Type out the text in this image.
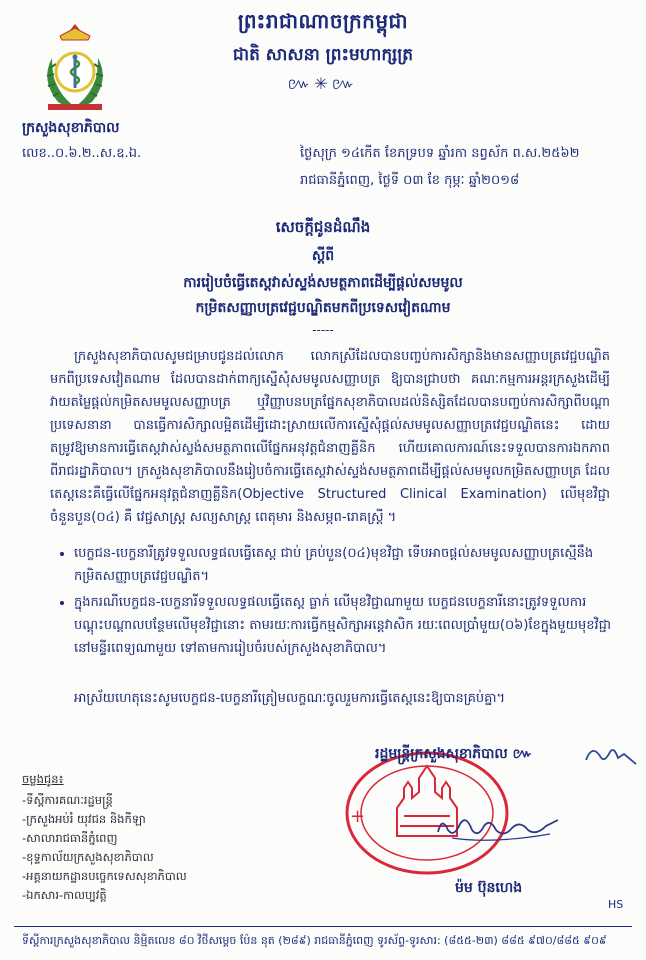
ព្រះរាជាណាចក្រកម្ពុជា
ជាតិ សាសនា ព្រះមហាក្សត្រ
៚✳៚
ក្រសួងសុខាភិបាល
លេខ..០.៦.២..ស.ឧ.ឯ.	ថ្ងៃសុក្រ ១៤កើត ខែភទ្របទ ឆ្នាំរកា នព្វស័ក ព.ស.២៥៦២
រាជធានីភ្នំពេញ, ថ្ងៃទី ០៣ ខែ កុម្ភៈ ឆ្នាំ២០១៨
សេចក្តីជូនដំណឹង
ស្តីពី
ការរៀបចំធ្វើតេស្តវាស់ស្ទង់សមត្ថភាពដើម្បីផ្តល់សមមូល
កម្រិតសញ្ញាបត្រវេជ្ជបណ្ឌិតមកពីប្រទេសវៀតណាម
-----

ក្រសួងសុខាភិបាលសូមជម្រាបជូនដល់លោក លោកស្រីដែលបានបញ្ចប់ការសិក្សានិងមានសញ្ញាបត្រវេជ្ជបណ្ឌិតមកពីប្រទេសវៀតណាម ដែលបានដាក់ពាក្យស្នើសុំសមមូលសញ្ញាបត្រ ឱ្យបានជ្រាបថា គណៈកម្មការអន្តរក្រសួងដើម្បីវាយតម្លៃផ្តល់កម្រិតសមមូលសញ្ញាបត្រ ឬវិញ្ញាបនបត្រផ្នែកសុខាភិបាលដល់និស្សិតដែលបានបញ្ចប់ការសិក្សាពីបណ្តាប្រទេសនានា បានធ្វើការសិក្សាលម្អិតដើម្បីដោះស្រាយលើការស្នើសុំផ្តល់សមមូលសញ្ញាបត្រវេជ្ជបណ្ឌិតនេះ ដោយតម្រូវឱ្យមានការធ្វើតេស្តវាស់ស្ទង់សមត្ថភាពលើផ្នែកអនុវត្តជំនាញគ្លីនិក ហើយគោលការណ៍នេះទទួលបានការឯកភាពពីរាជរដ្ឋាភិបាល។ ក្រសួងសុខាភិបាលនឹងរៀបចំការធ្វើតេស្តវាស់ស្ទង់សមត្ថភាពដើម្បីផ្តល់សមមូលកម្រិតសញ្ញាបត្រ ដែលតេស្តនេះគឺធ្វើលើផ្នែកអនុវត្តជំនាញគ្លីនិក(Objective Structured Clinical Examination) លើមុខវិជ្ជាចំនួនបួន(០៤) គឺ វេជ្ជសាស្ត្រ សល្យសាស្ត្រ ពេតុមារ និងសម្ភព-រោគស្ត្រី ។

• បេក្ខជន-បេក្ខនារីត្រូវទទួលលទ្ធផលធ្វើតេស្ត ជាប់ គ្រប់បួន(០៤)មុខវិជ្ជា ទើបអាចផ្តល់សមមូលសញ្ញាបត្រស្មើនឹងកម្រិតសញ្ញាបត្រវេជ្ជបណ្ឌិត។
• ក្នុងករណីបេក្ខជន-បេក្ខនារីទទួលលទ្ធផលធ្វើតេស្ត ធ្លាក់ លើមុខវិជ្ជាណាមួយ បេក្ខជនបេក្ខនារីនោះត្រូវទទួលការបណ្តុះបណ្តាលបន្ថែមលើមុខវិជ្ជានោះ តាមរយៈការធ្វើកម្មសិក្សាអន្តេវាសិក រយៈពេលប្រាំមួយ(០៦)ខែក្នុងមួយមុខវិជ្ជានៅមន្ទីរពេទ្យណាមួយ ទៅតាមការរៀបចំរបស់ក្រសួងសុខាភិបាល។
អាស្រ័យហេតុនេះសូមបេក្ខជន-បេក្ខនារីត្រៀមលក្ខណៈចូលរួមការធ្វើតេស្តនេះឱ្យបានគ្រប់គ្នា។
+
រដ្ឋមន្ត្រីក្រសួងសុខាភិបាល ៚
ម៉ម ប៊ុនហេង
ចម្លងជូន៖
-ទីស្តីការគណៈរដ្ឋមន្ត្រី
-ក្រសួងអប់រំ យុវជន និងកីឡា
-សាលារាជធានីភ្នំពេញ
-ខុទ្ទកាល័យក្រសួងសុខាភិបាល
-អគ្គនាយកដ្ឋានបច្ចេកទេសសុខាភិបាល
-ឯកសារ-កាលប្បវត្តិ
HS
ទីស្តីការក្រសួងសុខាភិបាល និម្មិតលេខ ៨០ វិថីសម្តេច ប៉ែន នុត (២៨៩) រាជធានីភ្នំពេញ ទូរស័ព្ទ-ទូរសារ: (៨៥៥-២៣) ៨៨៥ ៩៧០/៨៨៥ ៩០៩
